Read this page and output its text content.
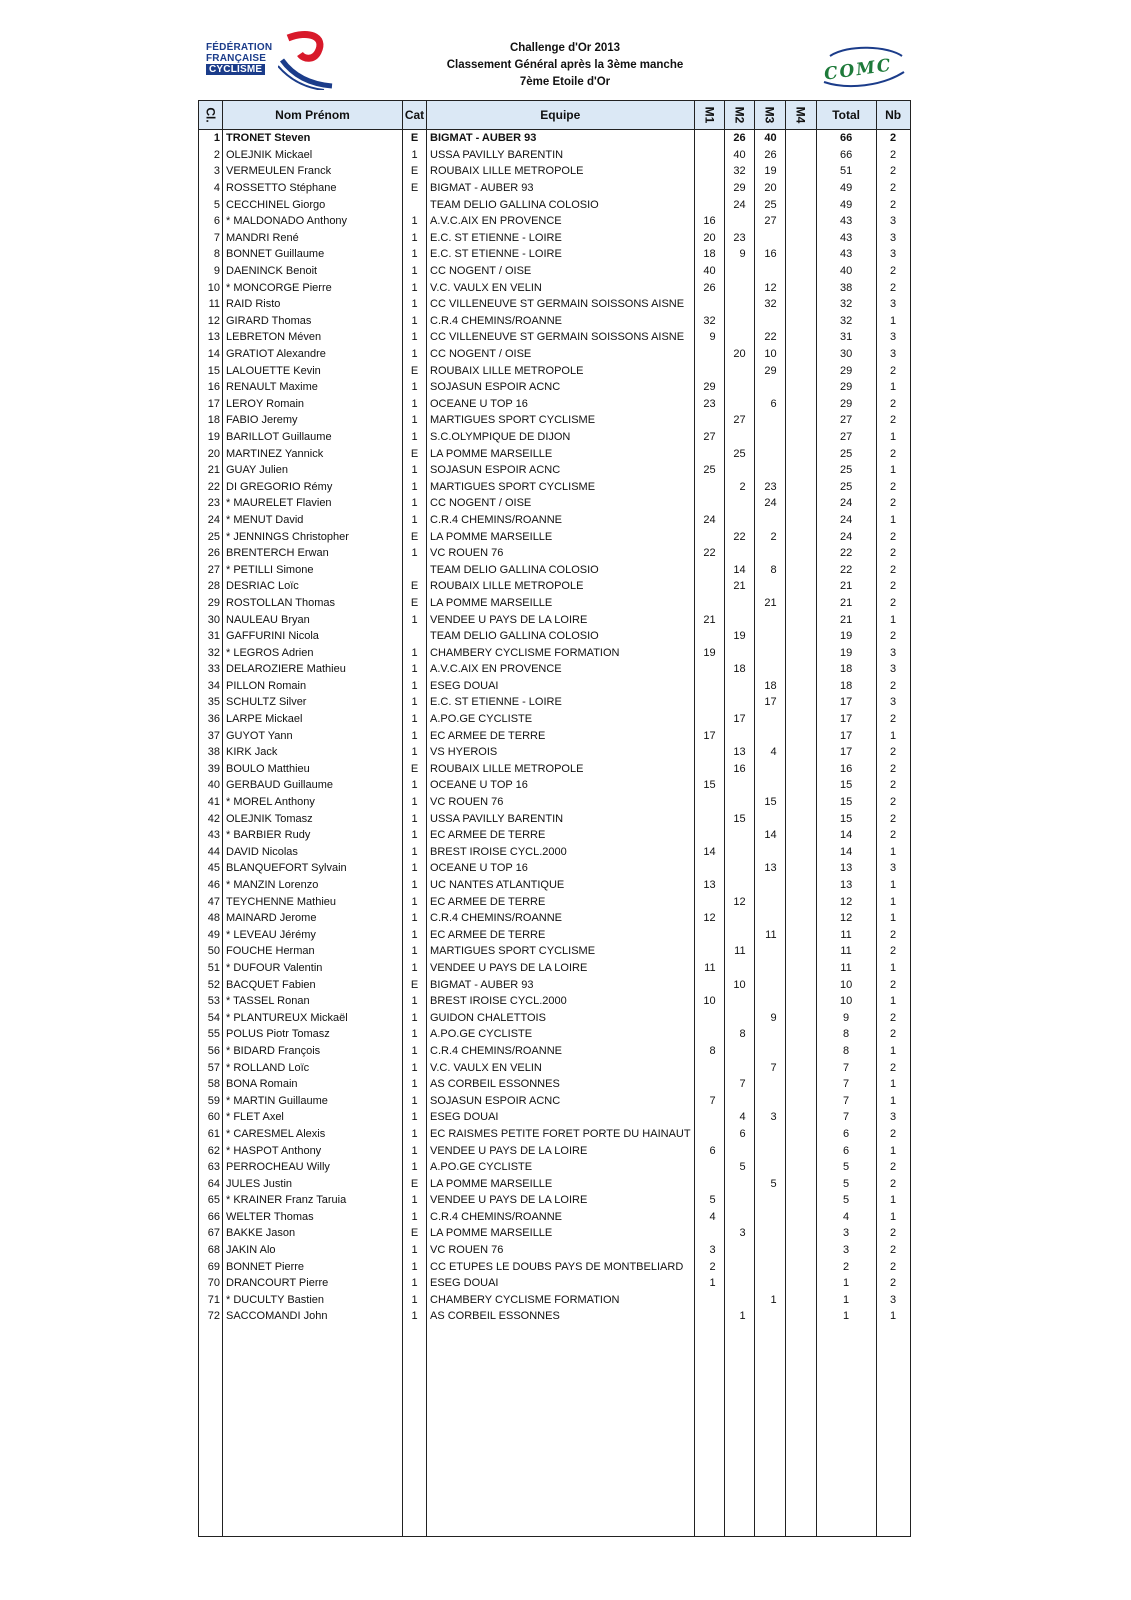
FÉDÉRATION
FRANÇAISE
CYCLISME
Challenge d'Or 2013
Classement Général après la 3ème manche
7ème Etoile d'Or	COMC
Cl.	Nom Prénom	Cat	Equipe	M1	M2	M3	M4	Total	Nb
1	TRONET Steven	E	BIGMAT - AUBER 93		26	40		66	2
2	OLEJNIK Mickael	1	USSA PAVILLY BARENTIN		40	26		66	2
3	VERMEULEN Franck	E	ROUBAIX LILLE METROPOLE		32	19		51	2
4	ROSSETTO Stéphane	E	BIGMAT - AUBER 93		29	20		49	2
5	CECCHINEL Giorgo		TEAM DELIO GALLINA COLOSIO		24	25		49	2
6	* MALDONADO Anthony	1	A.V.C.AIX EN PROVENCE	16		27		43	3
7	MANDRI René	1	E.C. ST ETIENNE - LOIRE	20	23			43	3
8	BONNET Guillaume	1	E.C. ST ETIENNE - LOIRE	18	9	16		43	3
9	DAENINCK Benoit	1	CC NOGENT / OISE	40				40	2
10	* MONCORGE Pierre	1	V.C. VAULX EN VELIN	26		12		38	2
11	RAID Risto	1	CC VILLENEUVE ST GERMAIN SOISSONS AISNE			32		32	3
12	GIRARD Thomas	1	C.R.4 CHEMINS/ROANNE	32				32	1
13	LEBRETON Méven	1	CC VILLENEUVE ST GERMAIN SOISSONS AISNE	9		22		31	3
14	GRATIOT Alexandre	1	CC NOGENT / OISE		20	10		30	3
15	LALOUETTE Kevin	E	ROUBAIX LILLE METROPOLE			29		29	2
16	RENAULT Maxime	1	SOJASUN ESPOIR ACNC	29				29	1
17	LEROY Romain	1	OCEANE U TOP 16	23		6		29	2
18	FABIO Jeremy	1	MARTIGUES SPORT CYCLISME		27			27	2
19	BARILLOT Guillaume	1	S.C.OLYMPIQUE DE DIJON	27				27	1
20	MARTINEZ Yannick	E	LA POMME MARSEILLE		25			25	2
21	GUAY Julien	1	SOJASUN ESPOIR ACNC	25				25	1
22	DI GREGORIO Rémy	1	MARTIGUES SPORT CYCLISME		2	23		25	2
23	* MAURELET Flavien	1	CC NOGENT / OISE			24		24	2
24	* MENUT David	1	C.R.4 CHEMINS/ROANNE	24				24	1
25	* JENNINGS Christopher	E	LA POMME MARSEILLE		22	2		24	2
26	BRENTERCH Erwan	1	VC ROUEN 76	22				22	2
27	* PETILLI Simone		TEAM DELIO GALLINA COLOSIO		14	8		22	2
28	DESRIAC Loïc	E	ROUBAIX LILLE METROPOLE		21			21	2
29	ROSTOLLAN Thomas	E	LA POMME MARSEILLE			21		21	2
30	NAULEAU Bryan	1	VENDEE U PAYS DE LA LOIRE	21				21	1
31	GAFFURINI Nicola		TEAM DELIO GALLINA COLOSIO		19			19	2
32	* LEGROS Adrien	1	CHAMBERY CYCLISME FORMATION	19				19	3
33	DELAROZIERE Mathieu	1	A.V.C.AIX EN PROVENCE		18			18	3
34	PILLON Romain	1	ESEG DOUAI			18		18	2
35	SCHULTZ Silver	1	E.C. ST ETIENNE - LOIRE			17		17	3
36	LARPE Mickael	1	A.PO.GE CYCLISTE		17			17	2
37	GUYOT Yann	1	EC ARMEE DE TERRE	17				17	1
38	KIRK Jack	1	VS HYEROIS		13	4		17	2
39	BOULO Matthieu	E	ROUBAIX LILLE METROPOLE		16			16	2
40	GERBAUD Guillaume	1	OCEANE U TOP 16	15				15	2
41	* MOREL Anthony	1	VC ROUEN 76			15		15	2
42	OLEJNIK Tomasz	1	USSA PAVILLY BARENTIN		15			15	2
43	* BARBIER Rudy	1	EC ARMEE DE TERRE			14		14	2
44	DAVID Nicolas	1	BREST IROISE CYCL.2000	14				14	1
45	BLANQUEFORT Sylvain	1	OCEANE U TOP 16			13		13	3
46	* MANZIN Lorenzo	1	UC NANTES ATLANTIQUE	13				13	1
47	TEYCHENNE Mathieu	1	EC ARMEE DE TERRE		12			12	1
48	MAINARD Jerome	1	C.R.4 CHEMINS/ROANNE	12				12	1
49	* LEVEAU Jérémy	1	EC ARMEE DE TERRE			11		11	2
50	FOUCHE Herman	1	MARTIGUES SPORT CYCLISME		11			11	2
51	* DUFOUR Valentin	1	VENDEE U PAYS DE LA LOIRE	11				11	1
52	BACQUET Fabien	E	BIGMAT - AUBER 93		10			10	2
53	* TASSEL Ronan	1	BREST IROISE CYCL.2000	10				10	1
54	* PLANTUREUX Mickaël	1	GUIDON CHALETTOIS			9		9	2
55	POLUS Piotr Tomasz	1	A.PO.GE CYCLISTE		8			8	2
56	* BIDARD François	1	C.R.4 CHEMINS/ROANNE	8				8	1
57	* ROLLAND Loïc	1	V.C. VAULX EN VELIN			7		7	2
58	BONA Romain	1	AS CORBEIL ESSONNES		7			7	1
59	* MARTIN Guillaume	1	SOJASUN ESPOIR ACNC	7				7	1
60	* FLET Axel	1	ESEG DOUAI		4	3		7	3
61	* CARESMEL Alexis	1	EC RAISMES PETITE FORET PORTE DU HAINAUT		6			6	2
62	* HASPOT Anthony	1	VENDEE U PAYS DE LA LOIRE	6				6	1
63	PERROCHEAU Willy	1	A.PO.GE CYCLISTE		5			5	2
64	JULES Justin	E	LA POMME MARSEILLE			5		5	2
65	* KRAINER Franz Taruia	1	VENDEE U PAYS DE LA LOIRE	5				5	1
66	WELTER Thomas	1	C.R.4 CHEMINS/ROANNE	4				4	1
67	BAKKE Jason	E	LA POMME MARSEILLE		3			3	2
68	JAKIN Alo	1	VC ROUEN 76	3				3	2
69	BONNET Pierre	1	CC ETUPES LE DOUBS PAYS DE MONTBELIARD	2				2	2
70	DRANCOURT Pierre	1	ESEG DOUAI	1				1	2
71	* DUCULTY Bastien	1	CHAMBERY CYCLISME FORMATION			1		1	3
72	SACCOMANDI John	1	AS CORBEIL ESSONNES		1			1	1
